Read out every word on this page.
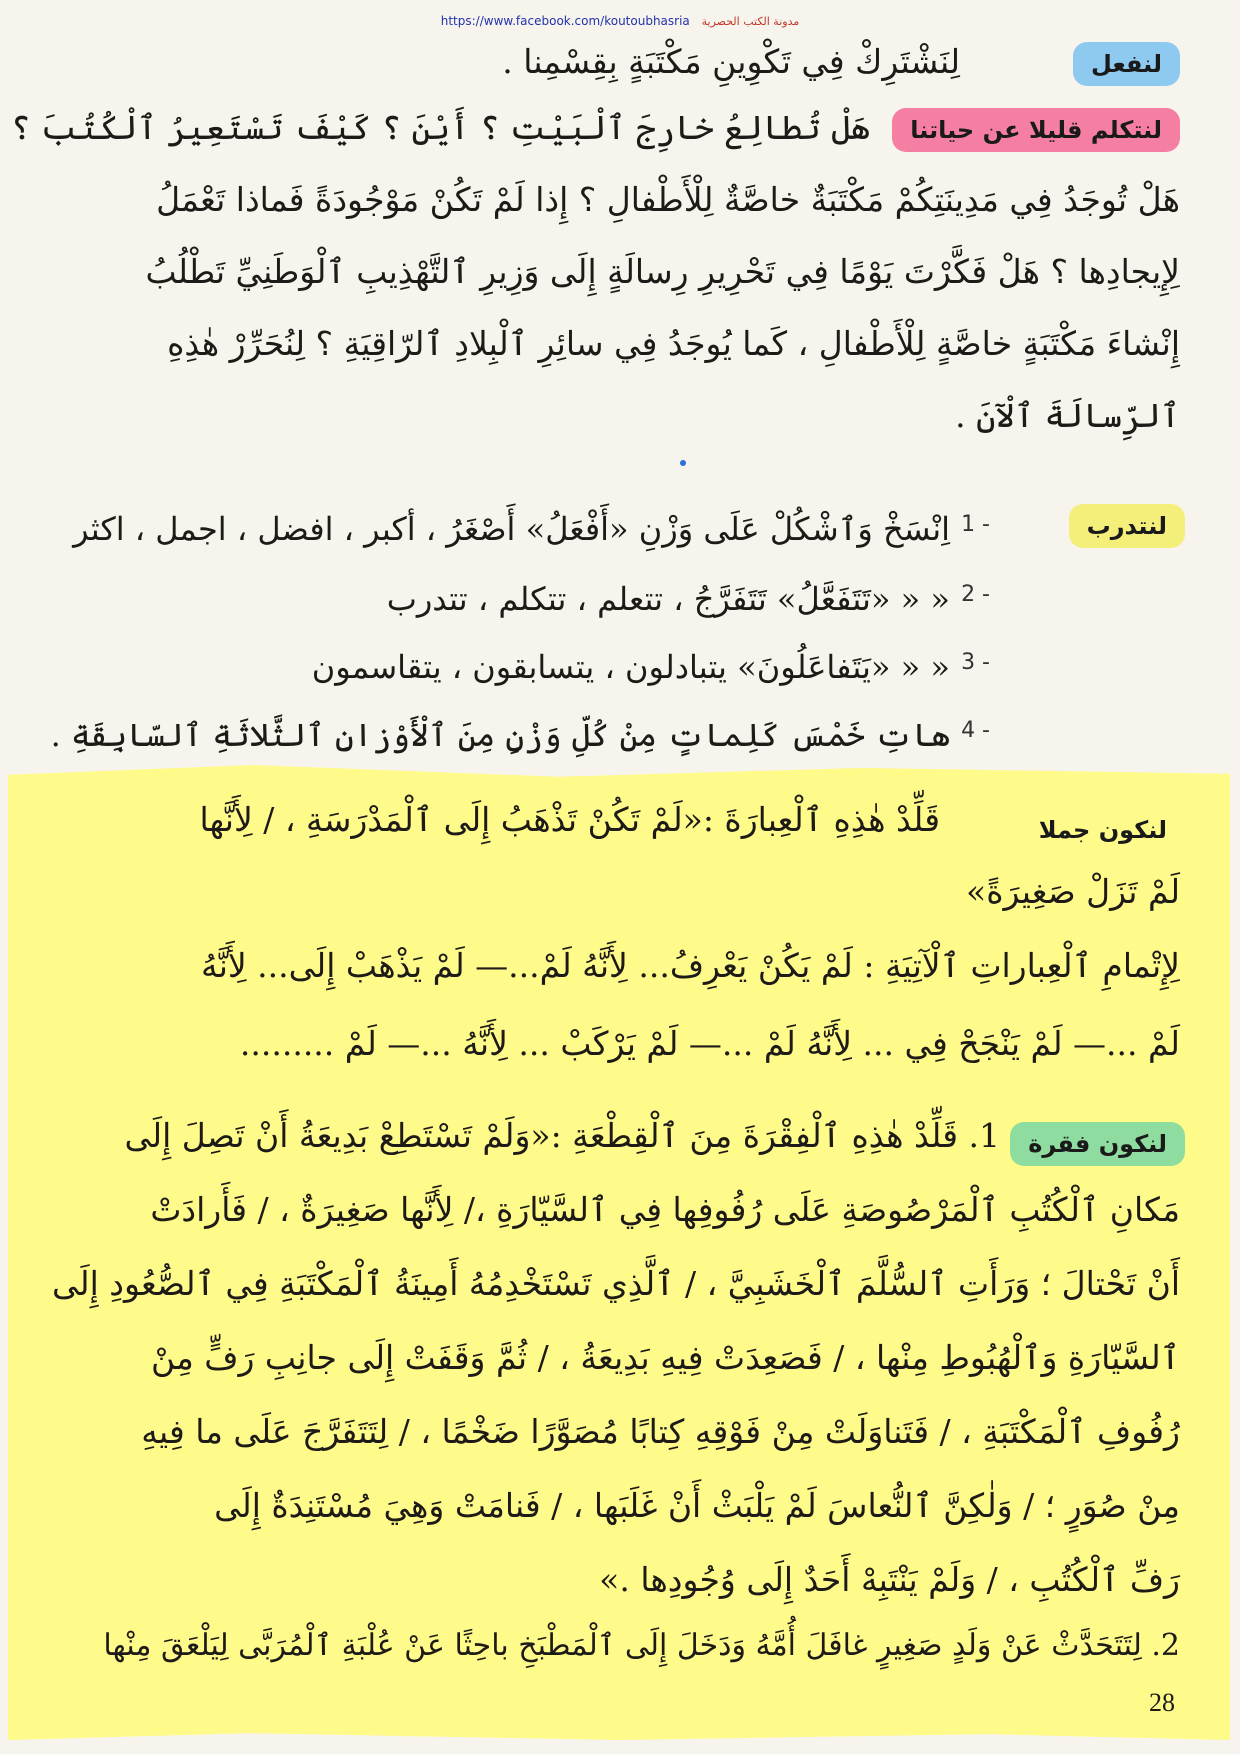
https://www.facebook.com/koutoubhasria مدونة الكتب الحصرية
لنفعل
لِنَشْتَرِكْ فِي تَكْوِينِ مَكْتَبَةٍ بِقِسْمِنا .
لنتكلم قليلا عن حياتنا
هَلْ تُطالِعُ خارِجَ ٱلْبَيْتِ ؟ أَيْنَ ؟ كَيْفَ تَسْتَعِيرُ ٱلْكُتُبَ ؟
هَلْ تُوجَدُ فِي مَدِينَتِكُمْ مَكْتَبَةٌ خاصَّةٌ لِلْأَطْفالِ ؟ إِذا لَمْ تَكُنْ مَوْجُودَةً فَماذا تَعْمَلُ
لِإِيجادِها ؟ هَلْ فَكَّرْتَ يَوْمًا فِي تَحْرِيرِ رِسالَةٍ إِلَى وَزِيرِ ٱلتَّهْذِيبِ ٱلْوَطَنِيِّ تَطْلُبُ
إِنْشاءَ مَكْتَبَةٍ خاصَّةٍ لِلْأَطْفالِ ، كَما يُوجَدُ فِي سائِرِ ٱلْبِلادِ ٱلرّاقِيَةِ ؟ لِنُحَرِّرْ هٰذِهِ
ٱلرِّسالَةَ ٱلْآنَ .
لنتدرب
1 -
اِنْسَخْ وَٱشْكُلْ عَلَى وَزْنِ «أَفْعَلُ» أَصْغَرُ ، أكبر ، افضل ، اجمل ، اكثر
2 -
« « «تَتَفَعَّلُ» تَتَفَرَّجُ ، تتعلم ، تتكلم ، تتدرب
3 -
« « «يَتَفاعَلُونَ» يتبادلون ، يتسابقون ، يتقاسمون
4 -
هاتِ خَمْسَ كَلِماتٍ مِنْ كُلِّ وَزْنٍ مِنَ ٱلْأَوْزانِ ٱلثَّلاثَةِ ٱلسّابِقَةِ .
لنكون جملا
قَلِّدْ هٰذِهِ ٱلْعِبارَةَ :«لَمْ تَكُنْ تَذْهَبُ إِلَى ٱلْمَدْرَسَةِ ، / لِأَنَّها
لَمْ تَزَلْ صَغِيرَةً»
لِإِتْمامِ ٱلْعِباراتِ ٱلْآتِيَةِ : لَمْ يَكُنْ يَعْرِفُ... لِأَنَّهُ لَمْ...— لَمْ يَذْهَبْ إِلَى... لِأَنَّهُ
لَمْ ...— لَمْ يَنْجَحْ فِي ... لِأَنَّهُ لَمْ ...— لَمْ يَرْكَبْ ... لِأَنَّهُ ...— لَمْ .........
لنكون فقرة
1. قَلِّدْ هٰذِهِ ٱلْفِقْرَةَ مِنَ ٱلْقِطْعَةِ :«وَلَمْ تَسْتَطِعْ بَدِيعَةُ أَنْ تَصِلَ إِلَى
مَكانِ ٱلْكُتُبِ ٱلْمَرْصُوصَةِ عَلَى رُفُوفِها فِي ٱلسَّيّارَةِ ،/ لِأَنَّها صَغِيرَةٌ ، / فَأَرادَتْ
أَنْ تَحْتالَ ؛ وَرَأَتِ ٱلسُّلَّمَ ٱلْخَشَبِيَّ ، / ٱلَّذِي تَسْتَخْدِمُهُ أَمِينَةُ ٱلْمَكْتَبَةِ فِي ٱلصُّعُودِ إِلَى
ٱلسَّيّارَةِ وَٱلْهُبُوطِ مِنْها ، / فَصَعِدَتْ فِيهِ بَدِيعَةُ ، / ثُمَّ وَقَفَتْ إِلَى جانِبِ رَفٍّ مِنْ
رُفُوفِ ٱلْمَكْتَبَةِ ، / فَتَناوَلَتْ مِنْ فَوْقِهِ كِتابًا مُصَوَّرًا ضَخْمًا ، / لِتَتَفَرَّجَ عَلَى ما فِيهِ
مِنْ صُوَرٍ ؛ / وَلٰكِنَّ ٱلنُّعاسَ لَمْ يَلْبَثْ أَنْ غَلَبَها ، / فَنامَتْ وَهِيَ مُسْتَنِدَةٌ إِلَى
رَفِّ ٱلْكُتُبِ ، / وَلَمْ يَنْتَبِهْ أَحَدٌ إِلَى وُجُودِها .»
2. لِتَتَحَدَّثْ عَنْ وَلَدٍ صَغِيرٍ غافَلَ أُمَّهُ وَدَخَلَ إِلَى ٱلْمَطْبَخِ باحِثًا عَنْ عُلْبَةِ ٱلْمُرَبَّى لِيَلْعَقَ مِنْها
28
